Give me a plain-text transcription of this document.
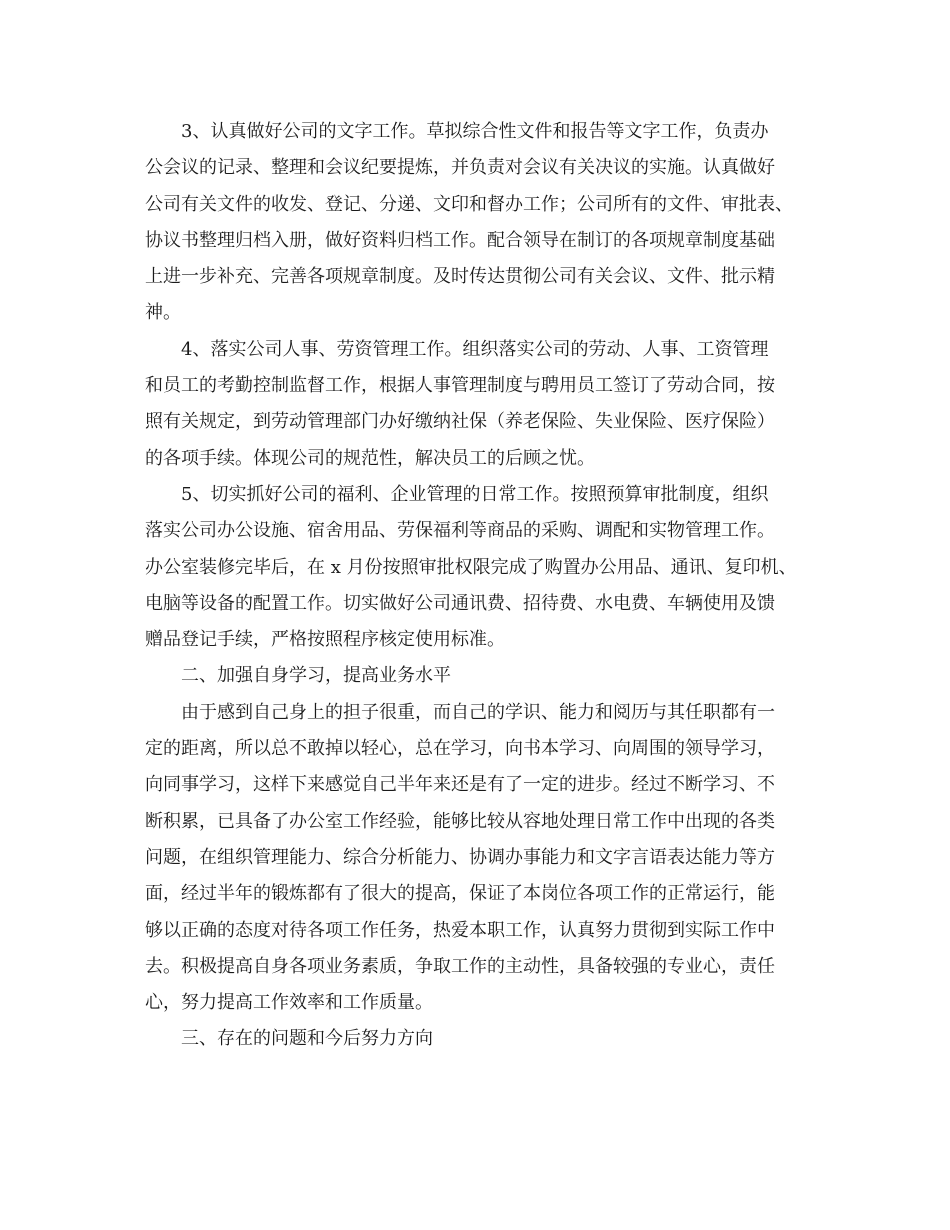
3、认真做好公司的文字工作。草拟综合性文件和报告等文字工作，负责办
公会议的记录、整理和会议纪要提炼，并负责对会议有关决议的实施。认真做好
公司有关文件的收发、登记、分递、文印和督办工作；公司所有的文件、审批表、
协议书整理归档入册，做好资料归档工作。配合领导在制订的各项规章制度基础
上进一步补充、完善各项规章制度。及时传达贯彻公司有关会议、文件、批示精
神。
4、落实公司人事、劳资管理工作。组织落实公司的劳动、人事、工资管理
和员工的考勤控制监督工作，根据人事管理制度与聘用员工签订了劳动合同，按
照有关规定，到劳动管理部门办好缴纳社保（养老保险、失业保险、医疗保险）
的各项手续。体现公司的规范性，解决员工的后顾之忧。
5、切实抓好公司的福利、企业管理的日常工作。按照预算审批制度，组织
落实公司办公设施、宿舍用品、劳保福利等商品的采购、调配和实物管理工作。
办公室装修完毕后，在 x 月份按照审批权限完成了购置办公用品、通讯、复印机、
电脑等设备的配置工作。切实做好公司通讯费、招待费、水电费、车辆使用及馈
赠品登记手续，严格按照程序核定使用标准。
二、加强自身学习，提高业务水平
由于感到自己身上的担子很重，而自己的学识、能力和阅历与其任职都有一
定的距离，所以总不敢掉以轻心，总在学习，向书本学习、向周围的领导学习，
向同事学习，这样下来感觉自己半年来还是有了一定的进步。经过不断学习、不
断积累，已具备了办公室工作经验，能够比较从容地处理日常工作中出现的各类
问题，在组织管理能力、综合分析能力、协调办事能力和文字言语表达能力等方
面，经过半年的锻炼都有了很大的提高，保证了本岗位各项工作的正常运行，能
够以正确的态度对待各项工作任务，热爱本职工作，认真努力贯彻到实际工作中
去。积极提高自身各项业务素质，争取工作的主动性，具备较强的专业心，责任
心，努力提高工作效率和工作质量。
三、存在的问题和今后努力方向
